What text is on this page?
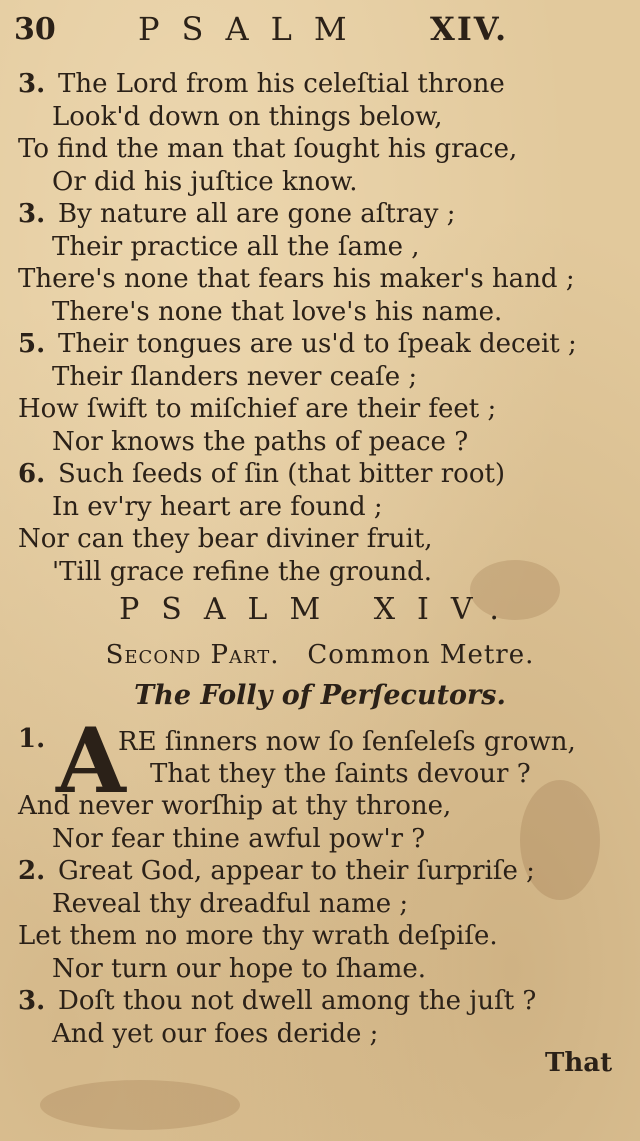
30	PSALM XIV.
3. The Lord from his celeſtial throne
Look'd down on things below,
To find the man that ſought his grace,
Or did his juſtice know.
3. By nature all are gone aſtray ;
Their practice all the ſame ,
There's none that fears his maker's hand ;
There's none that love's his name.
5. Their tongues are us'd to ſpeak deceit ;
Their ſlanders never ceaſe ;
How ſwift to miſchief are their feet ;
Nor knows the paths of peace ?
6. Such ſeeds of ſin (that bitter root)
In ev'ry heart are found ;
Nor can they bear diviner fruit,
'Till grace refine the ground.
PSALM XIV.
Second Part. Common Metre.
The Folly of Perſecutors.
1. A
RE ſinners now ſo ſenſeleſs grown,
That they the ſaints devour ?
And never worſhip at thy throne,
Nor fear thine awful pow'r ?
2. Great God, appear to their ſurpriſe ;
Reveal thy dreadful name ;
Let them no more thy wrath deſpiſe.
Nor turn our hope to ſhame.
3. Doſt thou not dwell among the juſt ?
And yet our foes deride ;
That
